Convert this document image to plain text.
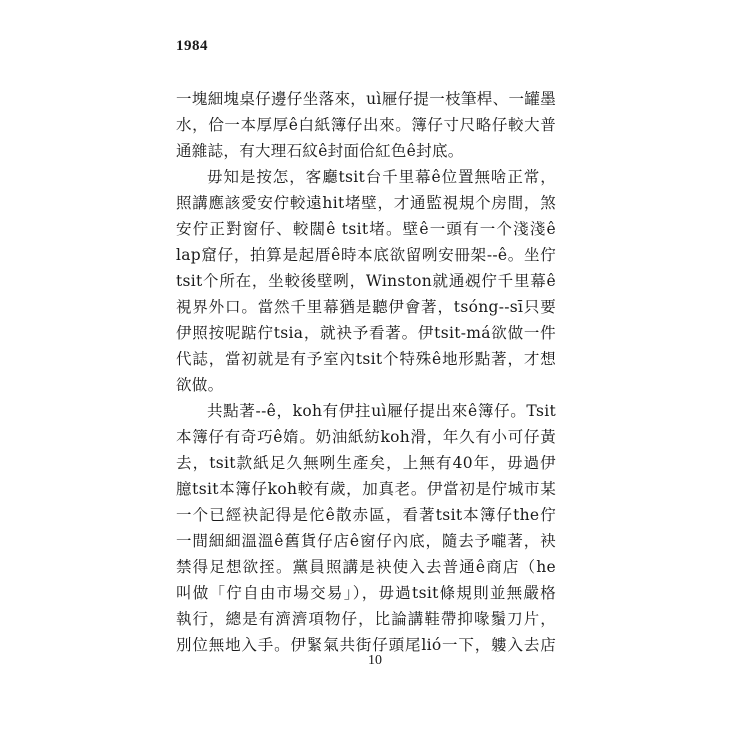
1984

一塊細塊桌仔邊仔坐落來，uì屜仔提一枝筆桿、一罐墨
水，佮一本厚厚ê白紙簿仔出來。簿仔寸尺略仔較大普
通雜誌，有大理石紋ê封面佮紅色ê封底。

毋知是按怎，客廳tsit台千里幕ê位置無啥正常，
照講應該愛安佇較遠hit堵壁，才通監視規个房間，煞
安佇正對窗仔、較闊ê tsit堵。壁ê一頭有一个淺淺ê
lap窟仔，拍算是起厝ê時本底欲留咧安冊架--ê。坐佇
tsit个所在，坐較後壁咧，Winston就通覕佇千里幕ê
視界外口。當然千里幕猶是聽伊會著，tsóng--sī只要
伊照按呢踮佇tsia，就袂予看著。伊tsit-má欲做一件
代誌，當初就是有予室內tsit个特殊ê地形點著，才想
欲做。

共點著--ê，koh有伊拄uì屜仔提出來ê簿仔。Tsit
本簿仔有奇巧ê媠。奶油紙紡koh滑，年久有小可仔黃
去，tsit款紙足久無咧生產矣，上無有40年，毋過伊
臆tsit本簿仔koh較有歲，加真老。伊當初是佇城市某
一个已經袂記得是佗ê散赤區，看著tsit本簿仔the佇
一間細細溫溫ê舊貨仔店ê窗仔內底，隨去予嚨著，袂
禁得足想欲挃。黨員照講是袂使入去普通ê商店（he
叫做「佇自由市場交易」），毋過tsit條規則並無嚴格
執行，總是有濟濟項物仔，比論講鞋帶抑喙鬚刀片，
別位無地入手。伊緊氣共街仔頭尾lió一下，軁入去店

10
